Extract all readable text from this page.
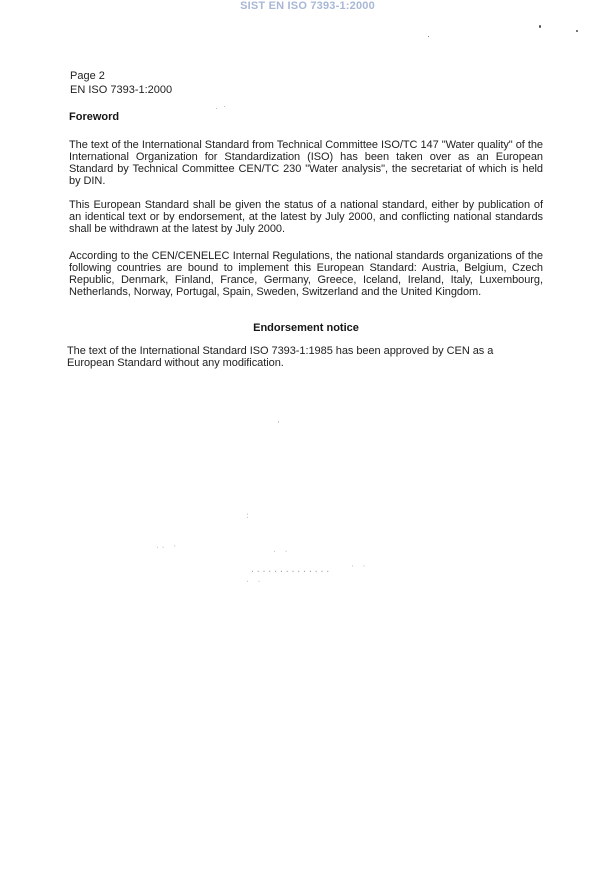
SIST EN ISO 7393-1:2000
Page 2
EN ISO 7393-1:2000
Foreword
The text of the International Standard from Technical Committee ISO/TC 147 "Water quality" of the International Organization for Standardization (ISO) has been taken over as an European Standard by Technical Committee CEN/TC 230 "Water analysis", the secretariat of which is held by DIN.
This European Standard shall be given the status of a national standard, either by publication of an identical text or by endorsement, at the latest by July 2000, and conflicting national standards shall be withdrawn at the latest by July 2000.
According to the CEN/CENELEC Internal Regulations, the national standards organizations of the following countries are bound to implement this European Standard: Austria, Belgium, Czech Republic, Denmark, Finland, France, Germany, Greece, Iceland, Ireland, Italy, Luxembourg, Netherlands, Norway, Portugal, Spain, Sweden, Switzerland and the United Kingdom.
Endorsement notice
The text of the International Standard ISO 7393-1:1985 has been approved by CEN as a European Standard without any modification.
:
.. ·	. .
.............. · ·
. .
